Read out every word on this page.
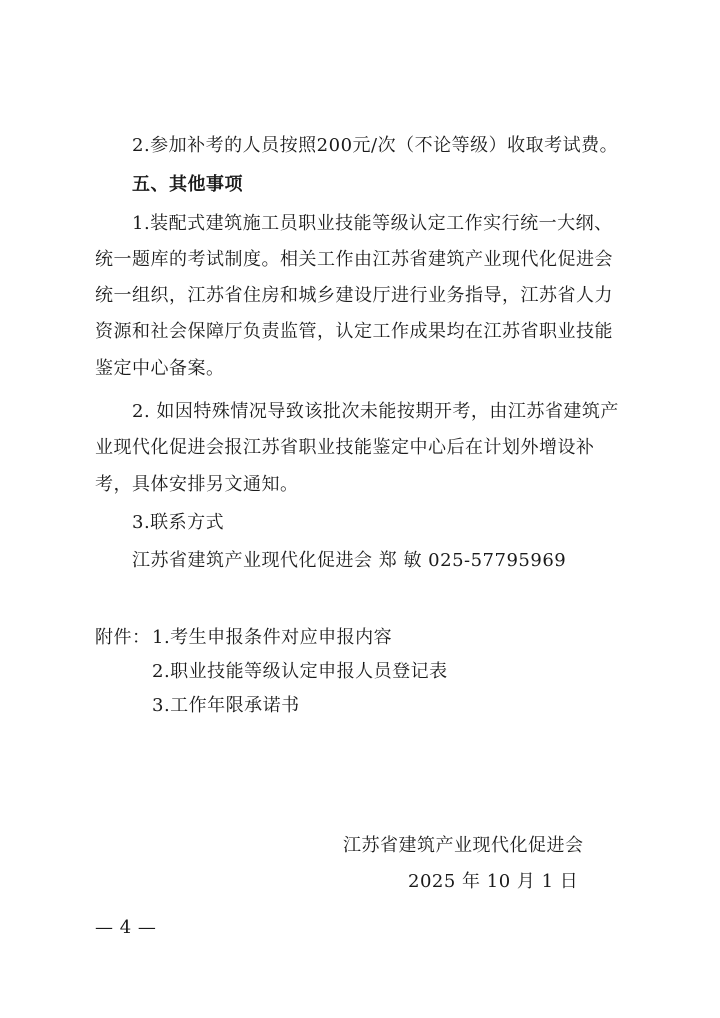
2.参加补考的人员按照200元/次（不论等级）收取考试费。
五、其他事项
1.装配式建筑施工员职业技能等级认定工作实行统一大纲、
统一题库的考试制度。相关工作由江苏省建筑产业现代化促进会
统一组织，江苏省住房和城乡建设厅进行业务指导，江苏省人力
资源和社会保障厅负责监管，认定工作成果均在江苏省职业技能
鉴定中心备案。
2. 如因特殊情况导致该批次未能按期开考，由江苏省建筑产
业现代化促进会报江苏省职业技能鉴定中心后在计划外增设补
考，具体安排另文通知。
3.联系方式
江苏省建筑产业现代化促进会 郑 敏 025-57795969
附件： 1.考生申报条件对应申报内容
2.职业技能等级认定申报人员登记表
3.工作年限承诺书
江苏省建筑产业现代化促进会
2025 年 10 月 1 日
— 4 —
